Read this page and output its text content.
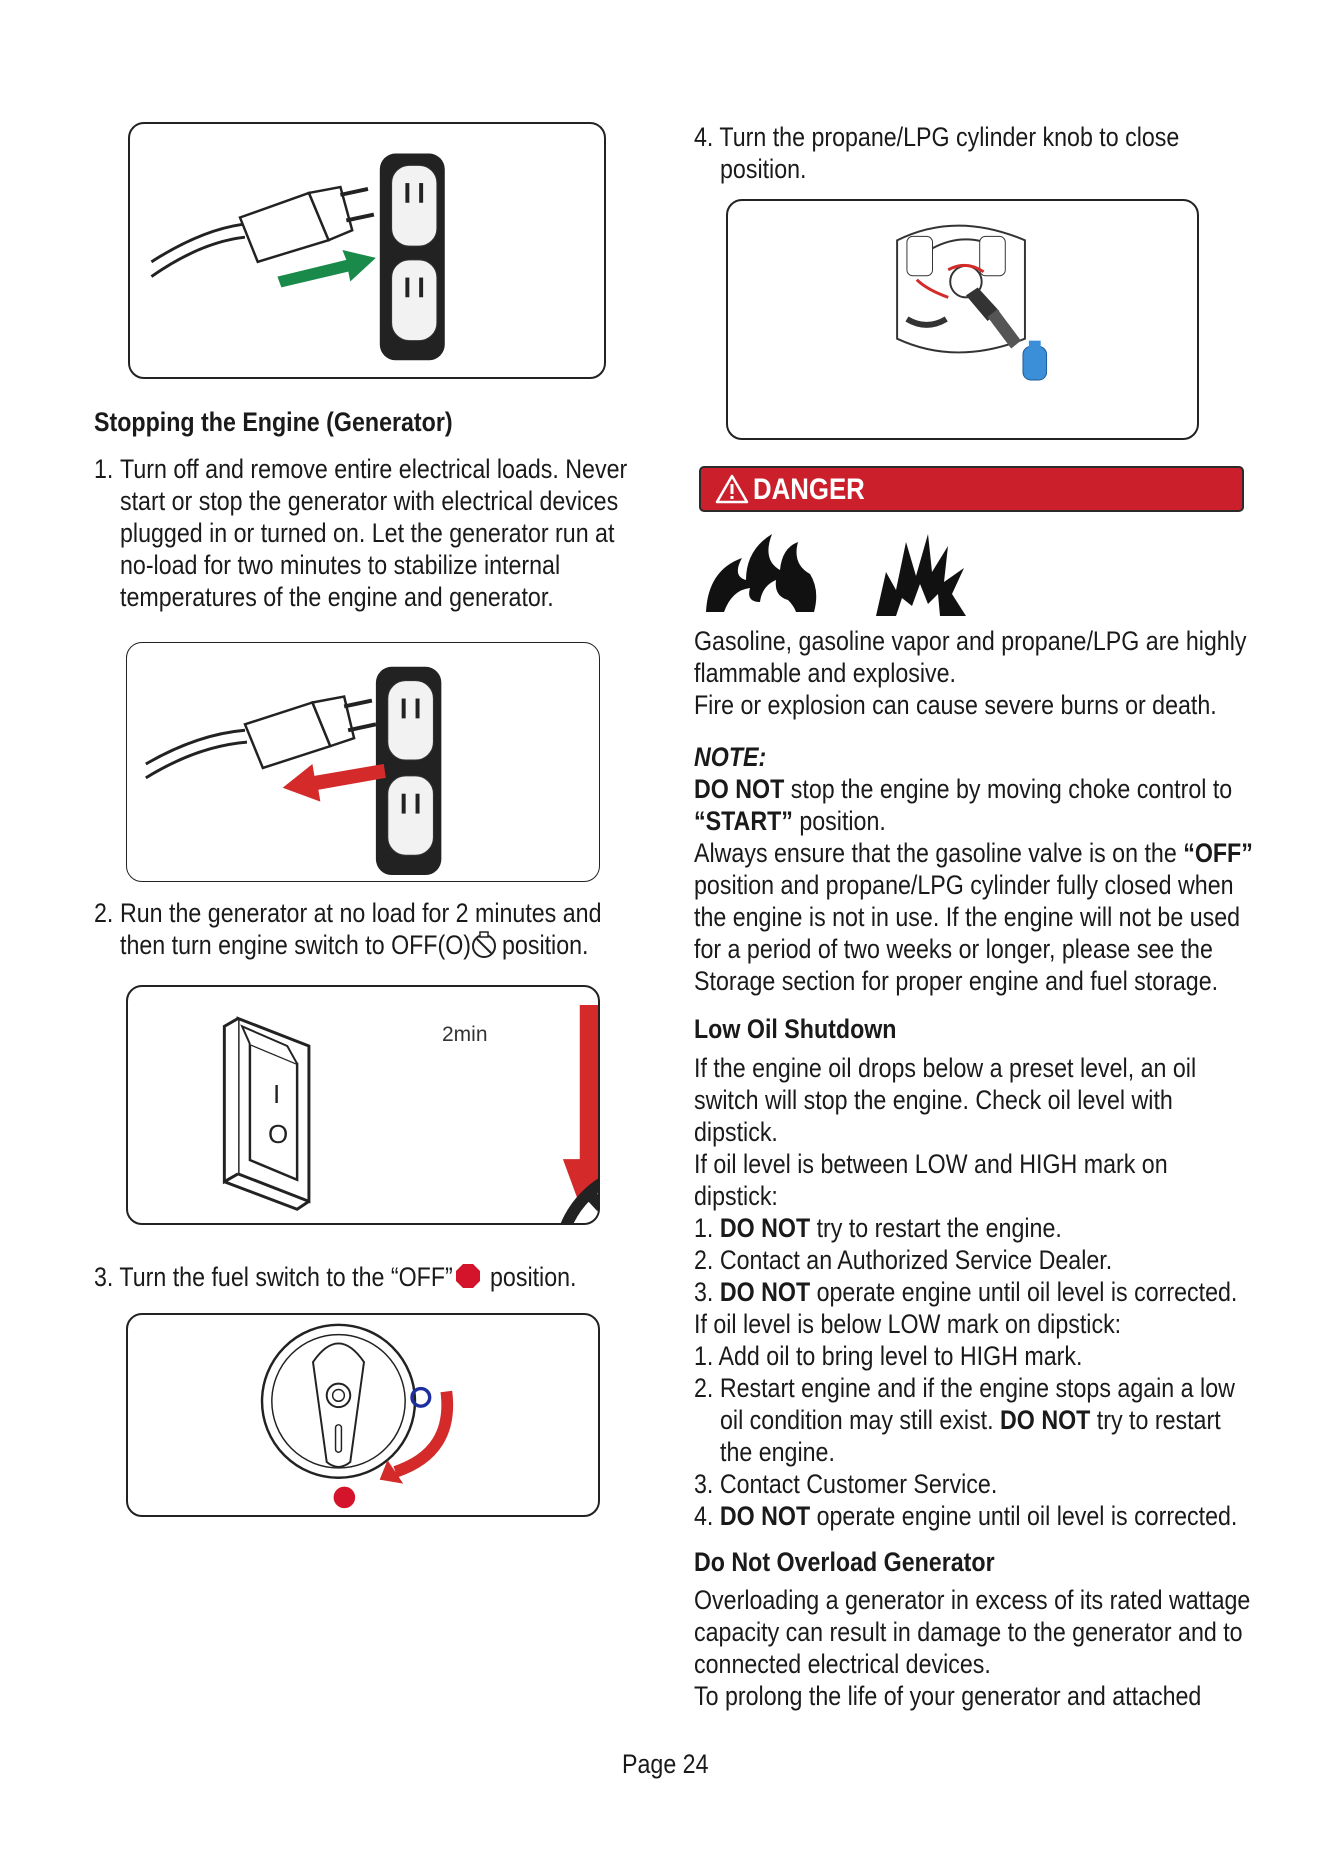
Stopping the Engine (Generator)
1. Turn off and remove entire electrical loads. Never
start or stop the generator with electrical devices
plugged in or turned on. Let the generator run at
no-load for two minutes to stabilize internal
temperatures of the engine and generator.
2. Run the generator at no load for 2 minutes and
then turn engine switch to OFF(O) position.
I
O
2min
3. Turn the fuel switch to the “OFF” position.
4. Turn the propane/LPG cylinder knob to close
position.
DANGER
Gasoline, gasoline vapor and propane/LPG are highly
flammable and explosive.
Fire or explosion can cause severe burns or death.
NOTE:
DO NOT stop the engine by moving choke control to
“START” position.
Always ensure that the gasoline valve is on the “OFF”
position and propane/LPG cylinder fully closed when
the engine is not in use. If the engine will not be used
for a period of two weeks or longer, please see the
Storage section for proper engine and fuel storage.
Low Oil Shutdown
If the engine oil drops below a preset level, an oil
switch will stop the engine. Check oil level with
dipstick.
If oil level is between LOW and HIGH mark on
dipstick:
1. DO NOT try to restart the engine.
2. Contact an Authorized Service Dealer.
3. DO NOT operate engine until oil level is corrected.
If oil level is below LOW mark on dipstick:
1. Add oil to bring level to HIGH mark.
2. Restart engine and if the engine stops again a low
oil condition may still exist. DO NOT try to restart
the engine.
3. Contact Customer Service.
4. DO NOT operate engine until oil level is corrected.
Do Not Overload Generator
Overloading a generator in excess of its rated wattage
capacity can result in damage to the generator and to
connected electrical devices.
To prolong the life of your generator and attached
Page 24
